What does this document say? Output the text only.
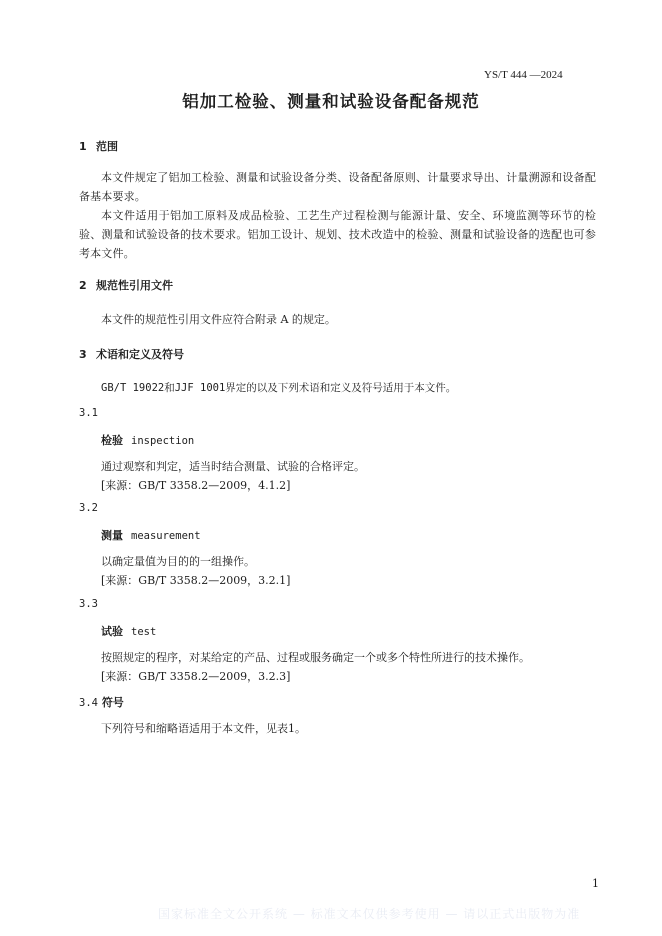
YS/T 444 —2024
铝加工检验、测量和试验设备配备规范
1 范围
本文件规定了铝加工检验、测量和试验设备分类、设备配备原则、计量要求导出、计量溯源和设备配备基本要求。
本文件适用于铝加工原料及成品检验、工艺生产过程检测与能源计量、安全、环境监测等环节的检验、测量和试验设备的技术要求。铝加工设计、规划、技术改造中的检验、测量和试验设备的选配也可参考本文件。
2 规范性引用文件
本文件的规范性引用文件应符合附录 A 的规定。
3 术语和定义及符号
GB/T 19022和JJF 1001界定的以及下列术语和定义及符号适用于本文件。
3.1
检验 inspection
通过观察和判定，适当时结合测量、试验的合格评定。
[来源：GB/T 3358.2—2009，4.1.2]
3.2
测量 measurement
以确定量值为目的的一组操作。
[来源：GB/T 3358.2—2009，3.2.1]
3.3
试验 test
按照规定的程序，对某给定的产品、过程或服务确定一个或多个特性所进行的技术操作。
[来源：GB/T 3358.2—2009，3.2.3]
3.4 符号
下列符号和缩略语适用于本文件，见表1。
1
国家标准全文公开系统 — 标准文本仅供参考使用 — 请以正式出版物为准
